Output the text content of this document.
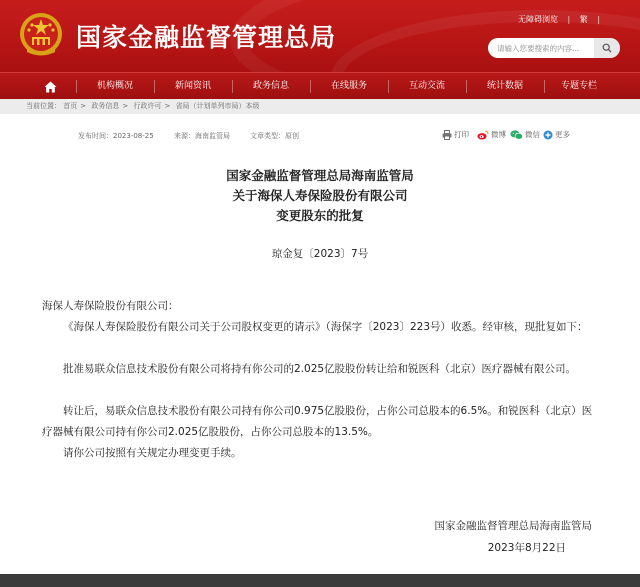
国家金融监督管理总局
无障碍浏览 | 繁 |
请输入您要搜索的内容...
机构概况	新闻资讯	政务信息	在线服务	互动交流	统计数据	专题专栏
当前位置： 首页 > 政务信息 > 行政许可 > 省局（计划单列市局）本级
发布时间：2023-08-25	来源：海南监管局	文章类型：原创	打印	微博	微信 更多
国家金融监督管理总局海南监管局
关于海保人寿保险股份有限公司
变更股东的批复
琼金复〔2023〕7号
海保人寿保险股份有限公司：
《海保人寿保险股份有限公司关于公司股权变更的请示》（海保字〔2023〕223号）收悉。经审核，现批复如下：
批准易联众信息技术股份有限公司将持有你公司的2.025亿股股份转让给和锐医科（北京）医疗器械有限公司。
转让后，易联众信息技术股份有限公司持有你公司0.975亿股股份，占你公司总股本的6.5%。和锐医科（北京）医疗器械有限公司持有你公司2.025亿股股份，占你公司总股本的13.5%。
请你公司按照有关规定办理变更手续。
国家金融监督管理总局海南监管局
2023年8月22日
